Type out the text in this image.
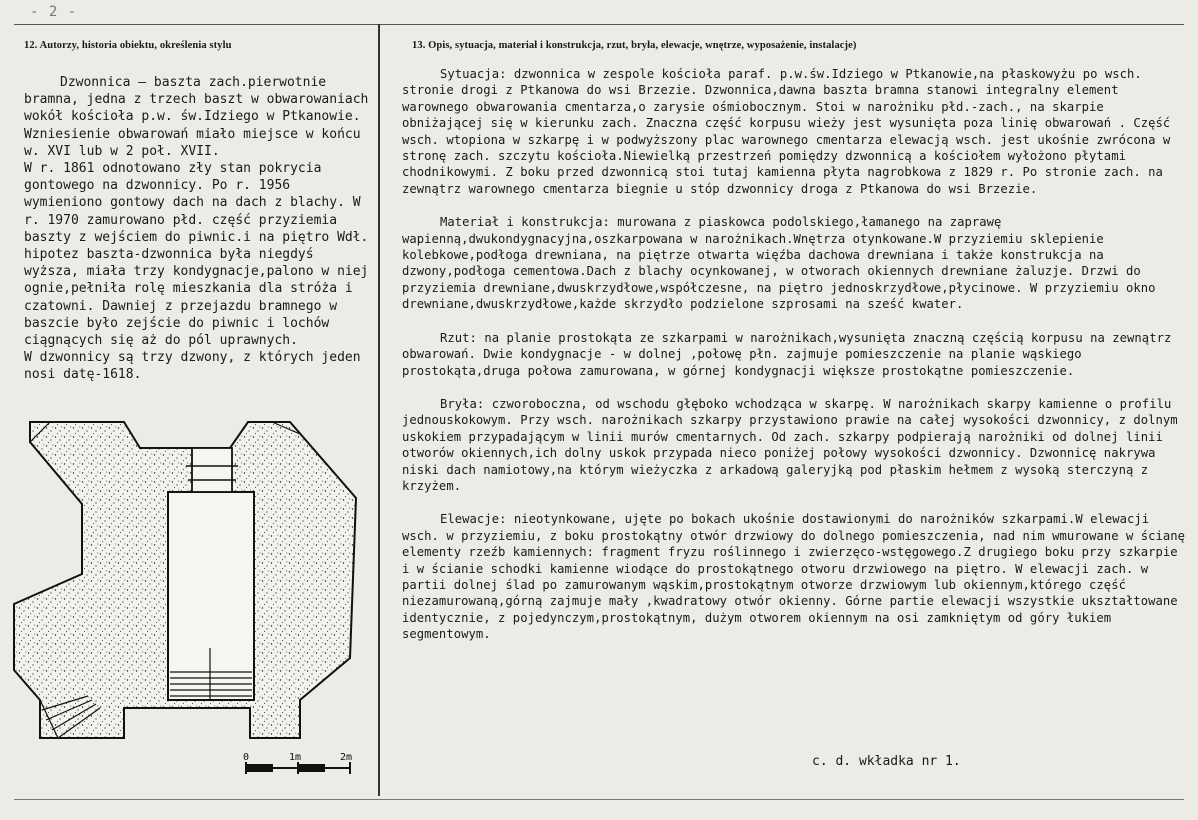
- 2 -
12. Autorzy, historia obiektu, określenia stylu	13. Opis, sytuacja, materiał i konstrukcja, rzut, bryła, elewacje, wnętrze, wyposażenie, instalacje)

Dzwonnica – baszta zach.pierwotnie bramna, jedna z trzech baszt w obwarowaniach wokół kościoła p.w. św.Idziego w Ptkanowie. Wzniesienie obwarowań miało miejsce w końcu w. XVI lub w 2 poł. XVII.

W r. 1861 odnotowano zły stan pokrycia gontowego na dzwonnicy. Po r. 1956 wymieniono gontowy dach na dach z blachy. W r. 1970 zamurowano płd. część przyziemia baszty z wejściem do piwnic.i na piętro Wdł. hipotez baszta-dzwonnica była niegdyś wyższa, miała trzy kondygnacje,palono w niej ognie,pełniła rolę mieszkania dla stróża i czatowni. Dawniej z przejazdu bramnego w baszcie było zejście do piwnic i lochów ciągnących się aż do pól uprawnych.

W dzwonnicy są trzy dzwony, z których jeden nosi datę-1618.

Sytuacja: dzwonnica w zespole kościoła paraf. p.w.św.Idziego w Ptkanowie,na płaskowyżu po wsch. stronie drogi z Ptkanowa do wsi Brzezie. Dzwonnica,dawna baszta bramna stanowi integralny element warownego obwarowania cmentarza,o zarysie ośmiobocznym. Stoi w narożniku płd.-zach., na skarpie obniżającej się w kierunku zach. Znaczna część korpusu wieży jest wysunięta poza linię obwarowań . Część wsch. wtopiona w szkarpę i w podwyższony plac warownego cmentarza elewacją wsch. jest ukośnie zwrócona w stronę zach. szczytu kościoła.Niewielką przestrzeń pomiędzy dzwonnicą a kościołem wyłożono płytami chodnikowymi. Z boku przed dzwonnicą stoi tutaj kamienna płyta nagrobkowa z 1829 r. Po stronie zach. na zewnątrz warownego cmentarza biegnie u stóp dzwonnicy droga z Ptkanowa do wsi Brzezie.

Materiał i konstrukcja: murowana z piaskowca podolskiego,łamanego na zaprawę wapienną,dwukondygnacyjna,oszkarpowana w narożnikach.Wnętrza otynkowane.W przyziemiu sklepienie kolebkowe,podłoga drewniana, na piętrze otwarta więźba dachowa drewniana i także konstrukcja na dzwony,podłoga cementowa.Dach z blachy ocynkowanej, w otworach okiennych drewniane żaluzje. Drzwi do przyziemia drewniane,dwuskrzydłowe,współczesne, na piętro jednoskrzydłowe,płycinowe. W przyziemiu okno drewniane,dwuskrzydłowe,każde skrzydło podzielone szprosami na sześć kwater.

Rzut: na planie prostokąta ze szkarpami w narożnikach,wysunięta znaczną częścią korpusu na zewnątrz obwarowań. Dwie kondygnacje - w dolnej ,połowę płn. zajmuje pomieszczenie na planie wąskiego prostokąta,druga połowa zamurowana, w górnej kondygnacji większe prostokątne pomieszczenie.

Bryła: czworoboczna, od wschodu głęboko wchodząca w skarpę. W narożnikach skarpy kamienne o profilu jednouskokowym. Przy wsch. narożnikach szkarpy przystawiono prawie na całej wysokości dzwonnicy, z dolnym uskokiem przypadającym w linii murów cmentarnych. Od zach. szkarpy podpierają narożniki od dolnej linii otworów okiennych,ich dolny uskok przypada nieco poniżej połowy wysokości dzwonnicy. Dzwonnicę nakrywa niski dach namiotowy,na którym wieżyczka z arkadową galeryjką pod płaskim hełmem z wysoką sterczyną z krzyżem.

Elewacje: nieotynkowane, ujęte po bokach ukośnie dostawionymi do narożników szkarpami.W elewacji wsch. w przyziemiu, z boku prostokątny otwór drzwiowy do dolnego pomieszczenia, nad nim wmurowane w ścianę elementy rzeźb kamiennych: fragment fryzu roślinnego i zwierzęco-wstęgowego.Z drugiego boku przy szkarpie i w ścianie schodki kamienne wiodące do prostokątnego otworu drzwiowego na piętro. W elewacji zach. w partii dolnej ślad po zamurowanym wąskim,prostokątnym otworze drzwiowym lub okiennym,którego część niezamurowaną,górną zajmuje mały ,kwadratowy otwór okienny. Górne partie elewacji wszystkie ukształtowane identycznie, z pojedynczym,prostokątnym, dużym otworem okiennym na osi zamkniętym od góry łukiem segmentowym.

c. d. wkładka nr 1.
0	1m	2m
